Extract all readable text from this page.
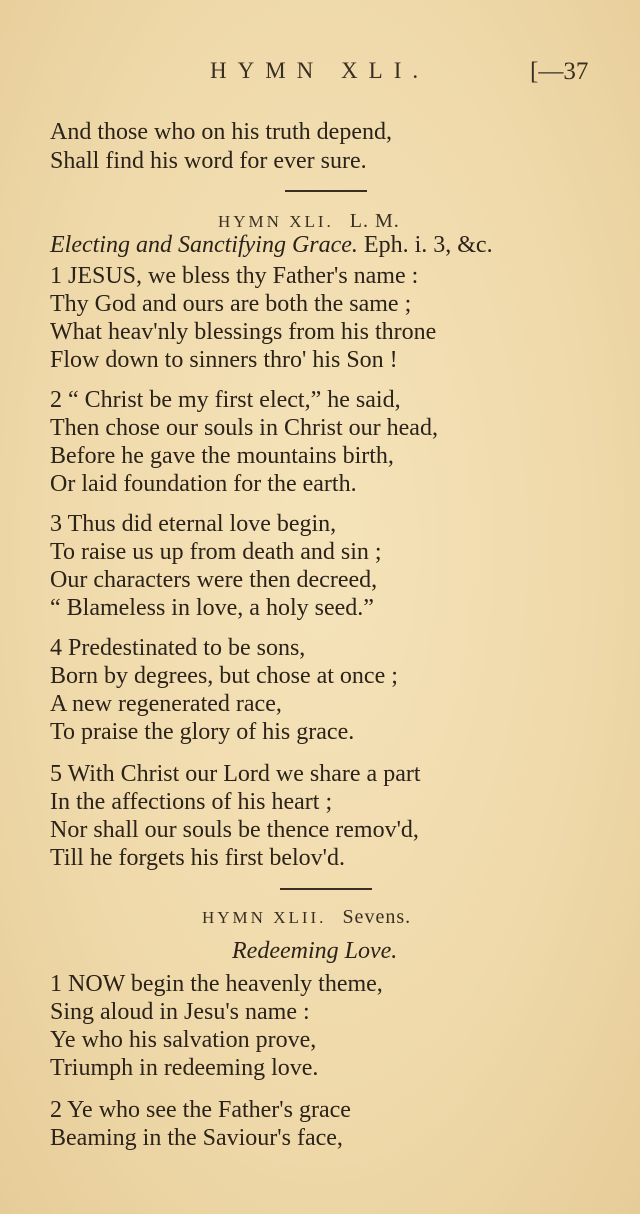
HYMN XLI.	[—37
And those who on his truth depend,
Shall find his word for ever sure.
HYMN XLI. L. M.
Electing and Sanctifying Grace. Eph. i. 3, &c.
1 JESUS, we bless thy Father's name :
Thy God and ours are both the same ;
What heav'nly blessings from his throne
Flow down to sinners thro' his Son !
2 “ Christ be my first elect,” he said,
Then chose our souls in Christ our head,
Before he gave the mountains birth,
Or laid foundation for the earth.
3 Thus did eternal love begin,
To raise us up from death and sin ;
Our characters were then decreed,
“ Blameless in love, a holy seed.”
4 Predestinated to be sons,
Born by degrees, but chose at once ;
A new regenerated race,
To praise the glory of his grace.
5 With Christ our Lord we share a part
In the affections of his heart ;
Nor shall our souls be thence remov'd,
Till he forgets his first belov'd.
HYMN XLII. Sevens.
Redeeming Love.
1 NOW begin the heavenly theme,
Sing aloud in Jesu's name :
Ye who his salvation prove,
Triumph in redeeming love.
2 Ye who see the Father's grace
Beaming in the Saviour's face,
